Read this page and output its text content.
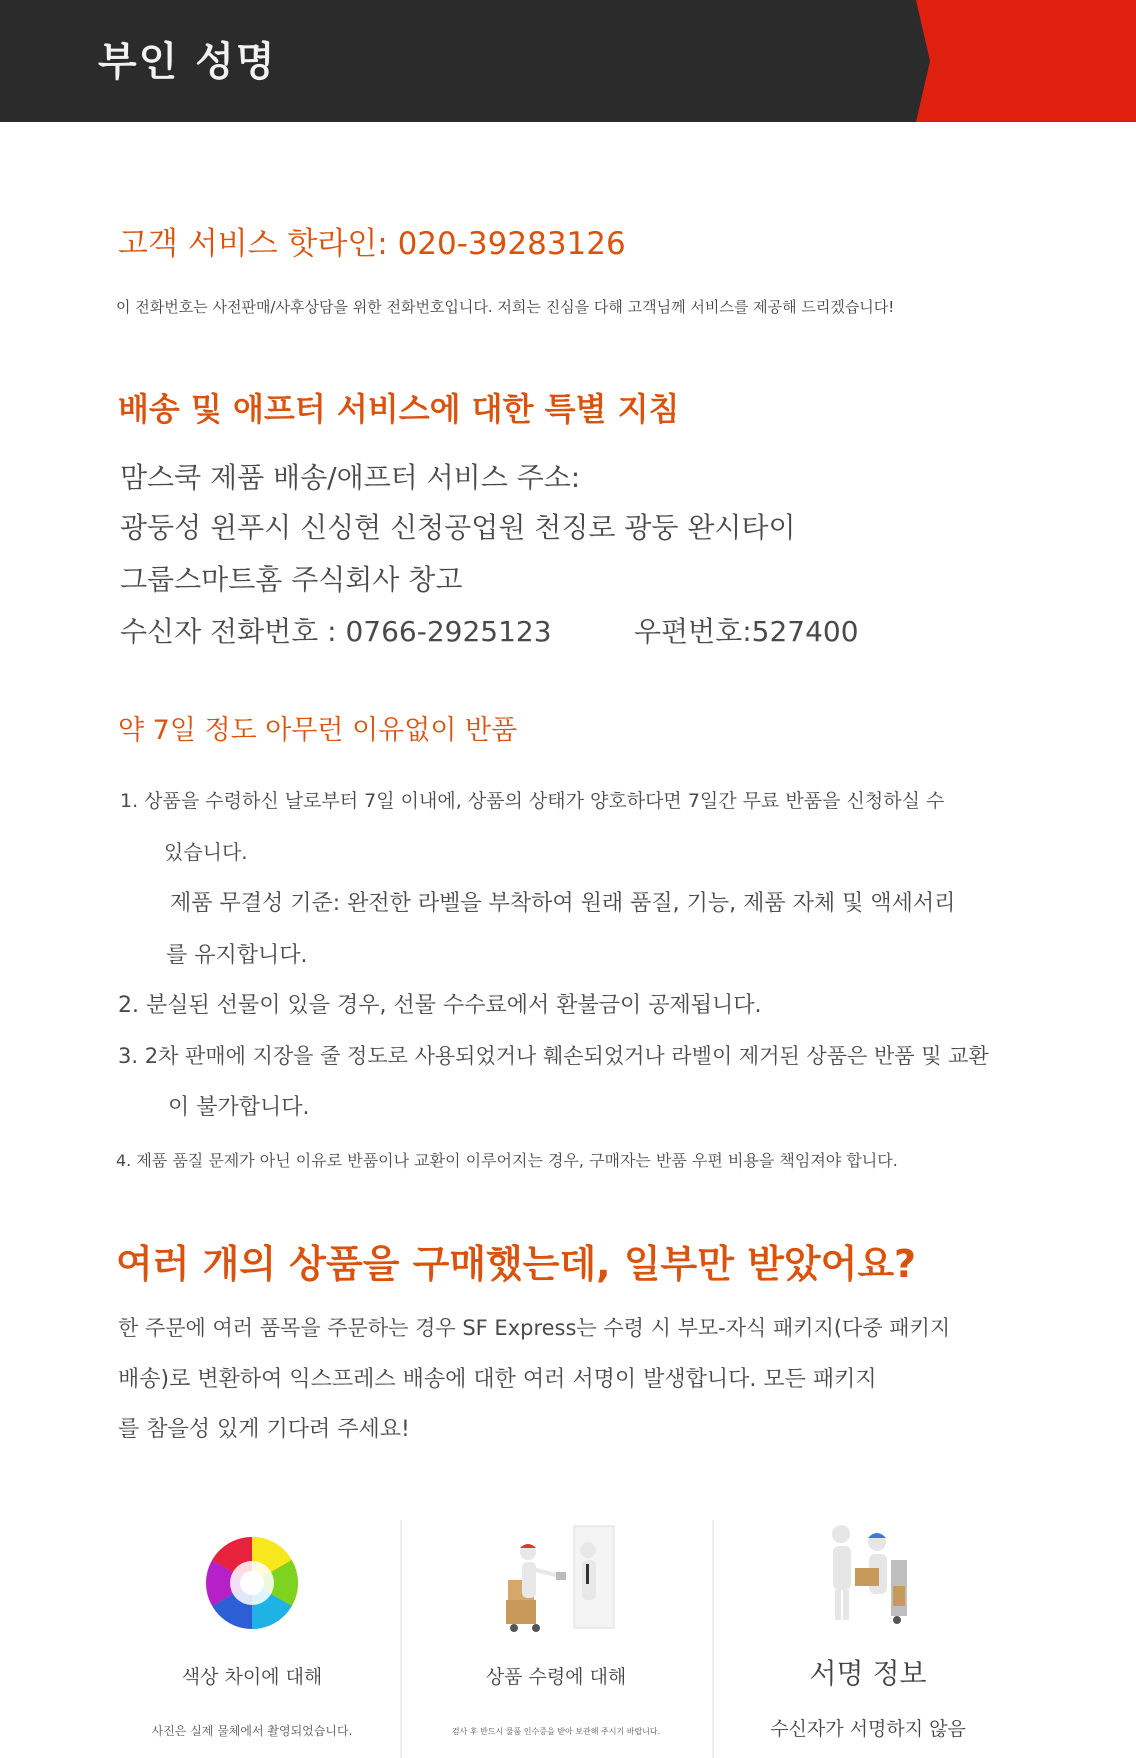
부인 성명
고객 서비스 핫라인: 020-39283126
이 전화번호는 사전판매/사후상담을 위한 전화번호입니다. 저희는 진심을 다해 고객님께 서비스를 제공해 드리겠습니다!
배송 및 애프터 서비스에 대한 특별 지침
맘스쿡 제품 배송/애프터 서비스 주소:
광둥성 윈푸시 신싱현 신청공업원 천징로 광둥 완시타이
그룹스마트홈 주식회사 창고
수신자 전화번호 : 0766-2925123	우편번호:527400
약 7일 정도 아무런 이유없이 반품
1. 상품을 수령하신 날로부터 7일 이내에, 상품의 상태가 양호하다면 7일간 무료 반품을 신청하실 수
있습니다.
제품 무결성 기준: 완전한 라벨을 부착하여 원래 품질, 기능, 제품 자체 및 액세서리
를 유지합니다.
2. 분실된 선물이 있을 경우, 선물 수수료에서 환불금이 공제됩니다.
3. 2차 판매에 지장을 줄 정도로 사용되었거나 훼손되었거나 라벨이 제거된 상품은 반품 및 교환
이 불가합니다.
4. 제품 품질 문제가 아닌 이유로 반품이나 교환이 이루어지는 경우, 구매자는 반품 우편 비용을 책임져야 합니다.
여러 개의 상품을 구매했는데, 일부만 받았어요?
한 주문에 여러 품목을 주문하는 경우 SF Express는 수령 시 부모-자식 패키지(다중 패키지
배송)로 변환하여 익스프레스 배송에 대한 여러 서명이 발생합니다. 모든 패키지
를 참을성 있게 기다려 주세요!
색상 차이에 대해
사진은 실제 물체에서 촬영되었습니다.
상품 수령에 대해
검사 후 반드시 물품 인수증을 받아 보관해 주시기 바랍니다.
서명 정보
수신자가 서명하지 않음
